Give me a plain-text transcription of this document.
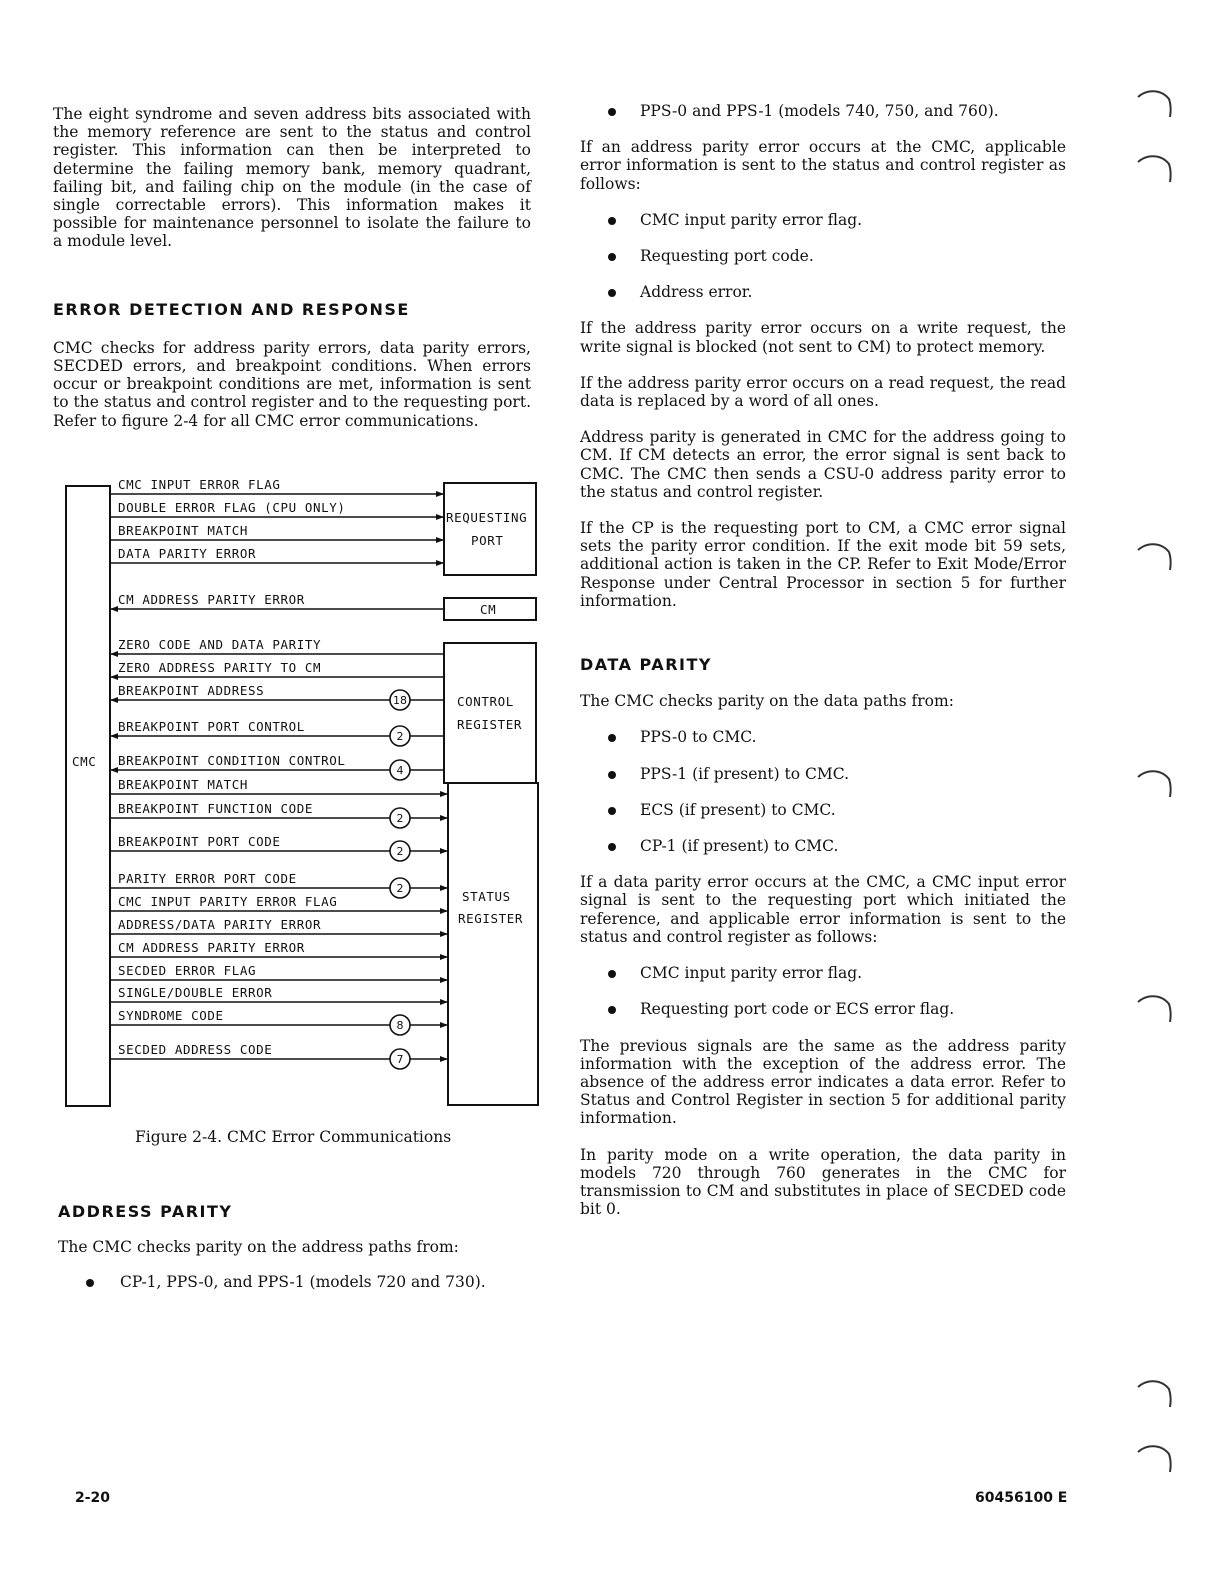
The eight syndrome and seven address bits associated with the memory reference are sent to the status and control register. This information can then be interpreted to determine the failing memory bank, memory quadrant, failing bit, and failing chip on the module (in the case of single correctable errors). This information makes it possible for maintenance personnel to isolate the failure to a module level.

ERROR DETECTION AND RESPONSE

CMC checks for address parity errors, data parity errors, SECDED errors, and breakpoint conditions. When errors occur or breakpoint conditions are met, information is sent to the status and control register and to the requesting port. Refer to figure 2-4 for all CMC error communications.

CMC
REQUESTING
PORT
CM
CONTROL
REGISTER
STATUS
REGISTER
CMC INPUT ERROR FLAG
DOUBLE ERROR FLAG (CPU ONLY)
BREAKPOINT MATCH
DATA PARITY ERROR
CM ADDRESS PARITY ERROR
ZERO CODE AND DATA PARITY
ZERO ADDRESS PARITY TO CM
BREAKPOINT ADDRESS
18
BREAKPOINT PORT CONTROL
2
BREAKPOINT CONDITION CONTROL
4
BREAKPOINT MATCH
BREAKPOINT FUNCTION CODE
2
BREAKPOINT PORT CODE
2
PARITY ERROR PORT CODE
2
CMC INPUT PARITY ERROR FLAG
ADDRESS/DATA PARITY ERROR
CM ADDRESS PARITY ERROR
SECDED ERROR FLAG
SINGLE/DOUBLE ERROR
SYNDROME CODE
8
SECDED ADDRESS CODE
7
Figure 2-4. CMC Error Communications
ADDRESS PARITY

The CMC checks parity on the address paths from:

CP-1, PPS-0, and PPS-1 (models 720 and 730).
PPS-0 and PPS-1 (models 740, 750, and 760).

If an address parity error occurs at the CMC, applicable error information is sent to the status and control register as follows:

CMC input parity error flag.
Requesting port code.
Address error.

If the address parity error occurs on a write request, the write signal is blocked (not sent to CM) to protect memory.

If the address parity error occurs on a read request, the read data is replaced by a word of all ones.

Address parity is generated in CMC for the address going to CM. If CM detects an error, the error signal is sent back to CMC. The CMC then sends a CSU-0 address parity error to the status and control register.

If the CP is the requesting port to CM, a CMC error signal sets the parity error condition. If the exit mode bit 59 sets, additional action is taken in the CP. Refer to Exit Mode/Error Response under Central Processor in section 5 for further information.

DATA PARITY

The CMC checks parity on the data paths from:

PPS-0 to CMC.
PPS-1 (if present) to CMC.
ECS (if present) to CMC.
CP-1 (if present) to CMC.

If a data parity error occurs at the CMC, a CMC input error signal is sent to the requesting port which initiated the reference, and applicable error information is sent to the status and control register as follows:

CMC input parity error flag.
Requesting port code or ECS error flag.

The previous signals are the same as the address parity information with the exception of the address error. The absence of the address error indicates a data error. Refer to Status and Control Register in section 5 for additional parity information.

In parity mode on a write operation, the data parity in models 720 through 760 generates in the CMC for transmission to CM and substitutes in place of SECDED code bit 0.

2-20	60456100 E
